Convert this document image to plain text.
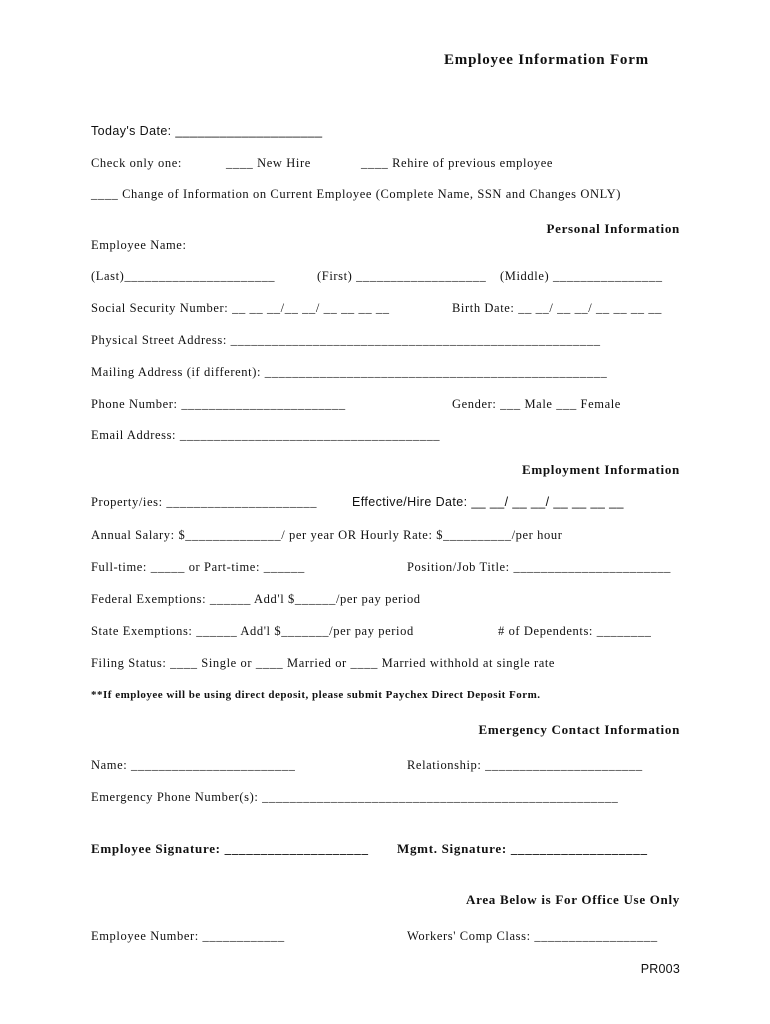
Employee Information Form
Today's Date: ____________________
Check only one:	____ New Hire	____ Rehire of previous employee
____ Change of Information on Current Employee (Complete Name, SSN and Changes ONLY)
Personal Information
Employee Name:
(Last)______________________	(First) ___________________ (Middle) ________________
Social Security Number: __ __ __/__ __/ __ __ __ __	Birth Date: __ __/ __ __/ __ __ __ __
Physical Street Address: ______________________________________________________
Mailing Address (if different): __________________________________________________
Phone Number: ________________________	Gender: ___ Male ___ Female
Email Address: ______________________________________
Employment Information
Property/ies: ______________________	Effective/Hire Date: __ __/ __ __/ __ __ __ __
Annual Salary: $______________/ per year OR Hourly Rate: $__________/per hour
Full-time: _____ or Part-time: ______	Position/Job Title: _______________________
Federal Exemptions: ______ Add'l $______/per pay period
State Exemptions: ______ Add'l $_______/per pay period	# of Dependents: ________
Filing Status: ____ Single or ____ Married or ____ Married withhold at single rate
**If employee will be using direct deposit, please submit Paychex Direct Deposit Form.
Emergency Contact Information
Name: ________________________	Relationship: _______________________
Emergency Phone Number(s): ____________________________________________________
Employee Signature: ____________________ Mgmt. Signature: ___________________
Area Below is For Office Use Only
Employee Number: ____________	Workers' Comp Class: __________________
PR003
